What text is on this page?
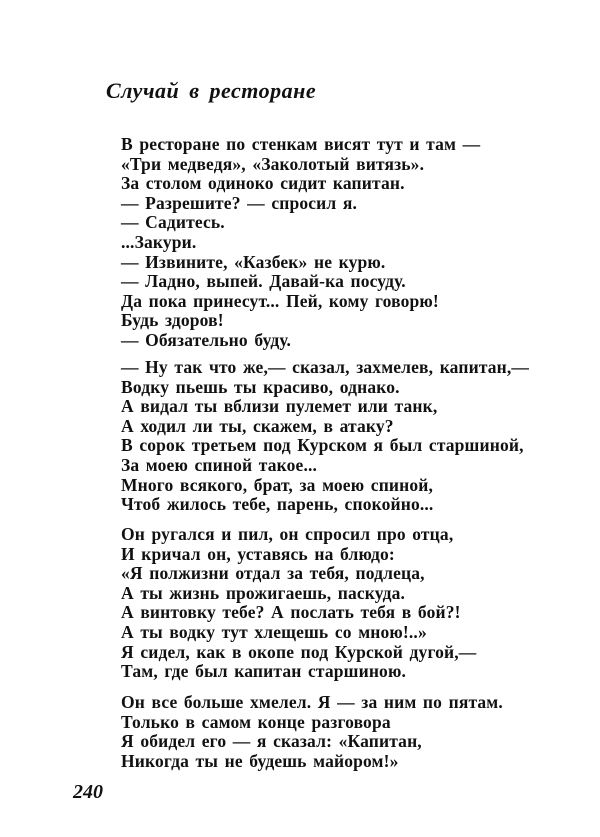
Случай в ресторане
В ресторане по стенкам висят тут и там —
«Три медведя», «Заколотый витязь».
За столом одиноко сидит капитан.
— Разрешите? — спросил я.
— Садитесь.
...Закури.
— Извините, «Казбек» не курю.
— Ладно, выпей. Давай-ка посуду.
Да пока принесут... Пей, кому говорю!
Будь здоров!
— Обязательно буду.
— Ну так что же,— сказал, захмелев, капитан,—
Водку пьешь ты красиво, однако.
А видал ты вблизи пулемет или танк,
А ходил ли ты, скажем, в атаку?
В сорок третьем под Курском я был старшиной,
За моею спиной такое...
Много всякого, брат, за моею спиной,
Чтоб жилось тебе, парень, спокойно...
Он ругался и пил, он спросил про отца,
И кричал он, уставясь на блюдо:
«Я полжизни отдал за тебя, подлеца,
А ты жизнь прожигаешь, паскуда.
А винтовку тебе? А послать тебя в бой?!
А ты водку тут хлещешь со мною!..»
Я сидел, как в окопе под Курской дугой,—
Там, где был капитан старшиною.
Он все больше хмелел. Я — за ним по пятам.
Только в самом конце разговора
Я обидел его — я сказал: «Капитан,
Никогда ты не будешь майором!»
240
